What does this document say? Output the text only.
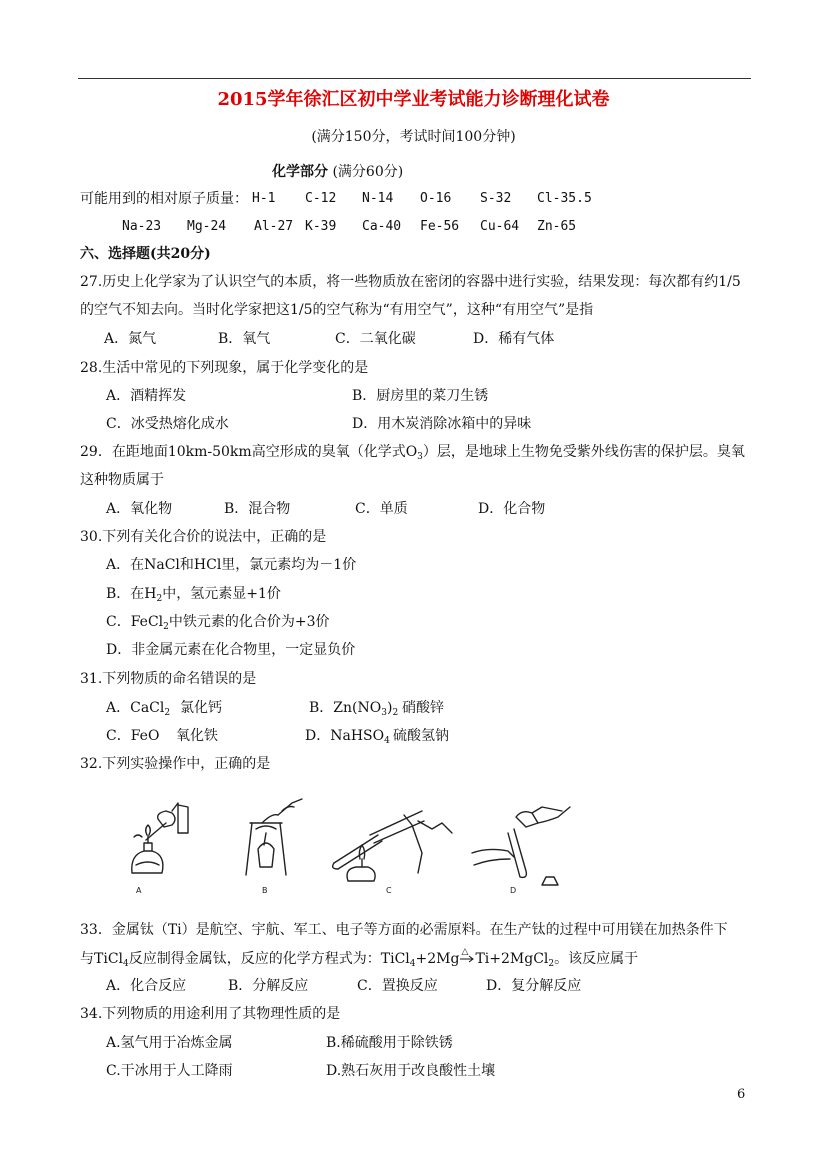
2015学年徐汇区初中学业考试能力诊断理化试卷
(满分150分，考试时间100分钟)
化学部分 (满分60分)
可能用到的相对原子质量： H-1 C-12 N-14 O-16 S-32 Cl-35.5
Na-23 Mg-24 Al-27 K-39 Ca-40 Fe-56 Cu-64 Zn-65
六、选择题(共20分)
27.历史上化学家为了认识空气的本质，将一些物质放在密闭的容器中进行实验，结果发现：每次都有约1/5
的空气不知去向。当时化学家把这1/5的空气称为“有用空气”，这种“有用空气”是指
A．氮气	B．氧气	C．二氧化碳	D．稀有气体
28.生活中常见的下列现象，属于化学变化的是
A．酒精挥发	B．厨房里的菜刀生锈
C．冰受热熔化成水	D．用木炭消除冰箱中的异味
29．在距地面10km-50km高空形成的臭氧（化学式$O_3$）层，是地球上生物免受紫外线伤害的保护层。臭氧
这种物质属于
A．氧化物	B．混合物	C．单质	D．化合物
30.下列有关化合价的说法中，正确的是
A．在NaCl和HCl里，氯元素均为－1价
B．在$H_2$中，氢元素显+1价
C．FeCl$_2$中铁元素的化合价为+3价
D．非金属元素在化合物里，一定显负价
31.下列物质的命名错误的是
A．CaCl$_2$ 氯化钙	B．$Zn(NO_3)_2$ 硝酸锌
C．FeO 氧化铁	D．NaHSO$_4$ 硫酸氢钠
32.下列实验操作中，正确的是
A	B	C	D
33．金属钛（Ti）是航空、宇航、军工、电子等方面的必需原料。在生产钛的过程中可用镁在加热条件下
与TiCl$_4$反应制得金属钛，反应的化学方程式为：TiCl$_4$+2Mg △ Ti+2MgCl$_2$。该反应属于
A．化合反应	B．分解反应	C．置换反应	D．复分解反应
34.下列物质的用途利用了其物理性质的是
A.氢气用于冶炼金属	B.稀硫酸用于除铁锈
C.干冰用于人工降雨	D.熟石灰用于改良酸性土壤
6
